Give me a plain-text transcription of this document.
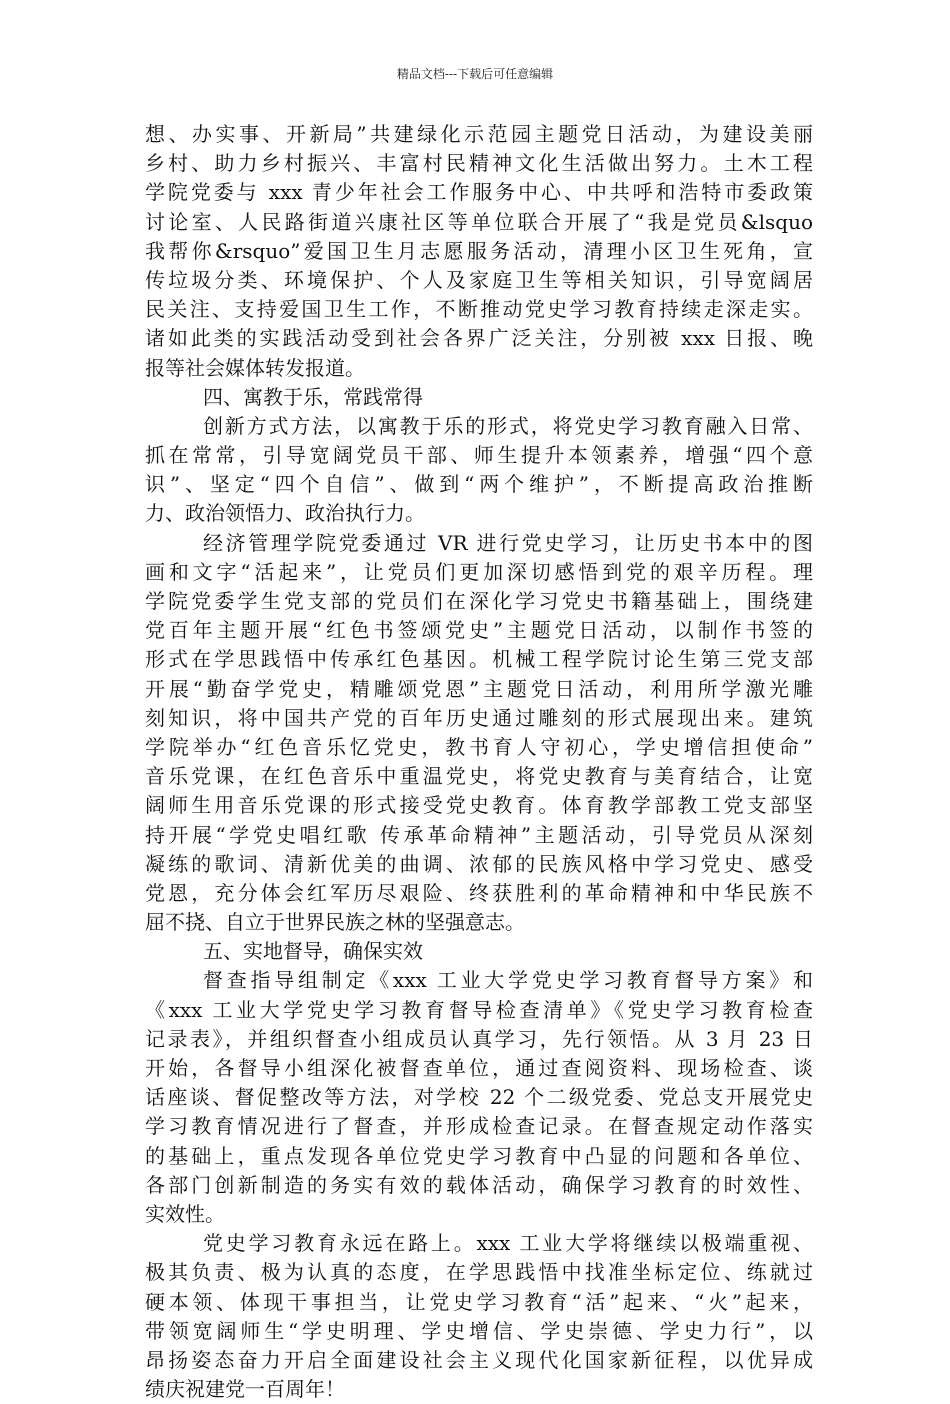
精品文档---下载后可任意编辑
想、办实事、开新局”共建绿化示范园主题党日活动，为建设美丽
乡村、助力乡村振兴、丰富村民精神文化生活做出努力。土木工程
学院党委与 xxx 青少年社会工作服务中心、中共呼和浩特市委政策
讨论室、人民路街道兴康社区等单位联合开展了“我是党员&lsquo
我帮你&rsquo”爱国卫生月志愿服务活动，清理小区卫生死角，宣
传垃圾分类、环境保护、个人及家庭卫生等相关知识，引导宽阔居
民关注、支持爱国卫生工作，不断推动党史学习教育持续走深走实。
诸如此类的实践活动受到社会各界广泛关注，分别被 xxx 日报、晚
报等社会媒体转发报道。
四、寓教于乐，常践常得
创新方式方法，以寓教于乐的形式，将党史学习教育融入日常、
抓在常常，引导宽阔党员干部、师生提升本领素养，增强“四个意
识”、坚定“四个自信”、做到“两个维护”，不断提高政治推断
力、政治领悟力、政治执行力。
经济管理学院党委通过 VR 进行党史学习，让历史书本中的图
画和文字“活起来”，让党员们更加深切感悟到党的艰辛历程。理
学院党委学生党支部的党员们在深化学习党史书籍基础上，围绕建
党百年主题开展“红色书签颂党史”主题党日活动，以制作书签的
形式在学思践悟中传承红色基因。机械工程学院讨论生第三党支部
开展“勤奋学党史，精雕颂党恩”主题党日活动，利用所学激光雕
刻知识，将中国共产党的百年历史通过雕刻的形式展现出来。建筑
学院举办“红色音乐忆党史，教书育人守初心，学史增信担使命”
音乐党课，在红色音乐中重温党史，将党史教育与美育结合，让宽
阔师生用音乐党课的形式接受党史教育。体育教学部教工党支部坚
持开展“学党史唱红歌 传承革命精神”主题活动，引导党员从深刻
凝练的歌词、清新优美的曲调、浓郁的民族风格中学习党史、感受
党恩，充分体会红军历尽艰险、终获胜利的革命精神和中华民族不
屈不挠、自立于世界民族之林的坚强意志。
五、实地督导，确保实效
督查指导组制定《xxx 工业大学党史学习教育督导方案》和
《xxx 工业大学党史学习教育督导检查清单》《党史学习教育检查
记录表》，并组织督查小组成员认真学习，先行领悟。从 3 月 23 日
开始，各督导小组深化被督查单位，通过查阅资料、现场检查、谈
话座谈、督促整改等方法，对学校 22 个二级党委、党总支开展党史
学习教育情况进行了督查，并形成检查记录。在督查规定动作落实
的基础上，重点发现各单位党史学习教育中凸显的问题和各单位、
各部门创新制造的务实有效的载体活动，确保学习教育的时效性、
实效性。
党史学习教育永远在路上。xxx 工业大学将继续以极端重视、
极其负责、极为认真的态度，在学思践悟中找准坐标定位、练就过
硬本领、体现干事担当，让党史学习教育“活”起来、“火”起来，
带领宽阔师生“学史明理、学史增信、学史崇德、学史力行”，以
昂扬姿态奋力开启全面建设社会主义现代化国家新征程，以优异成
绩庆祝建党一百周年！
